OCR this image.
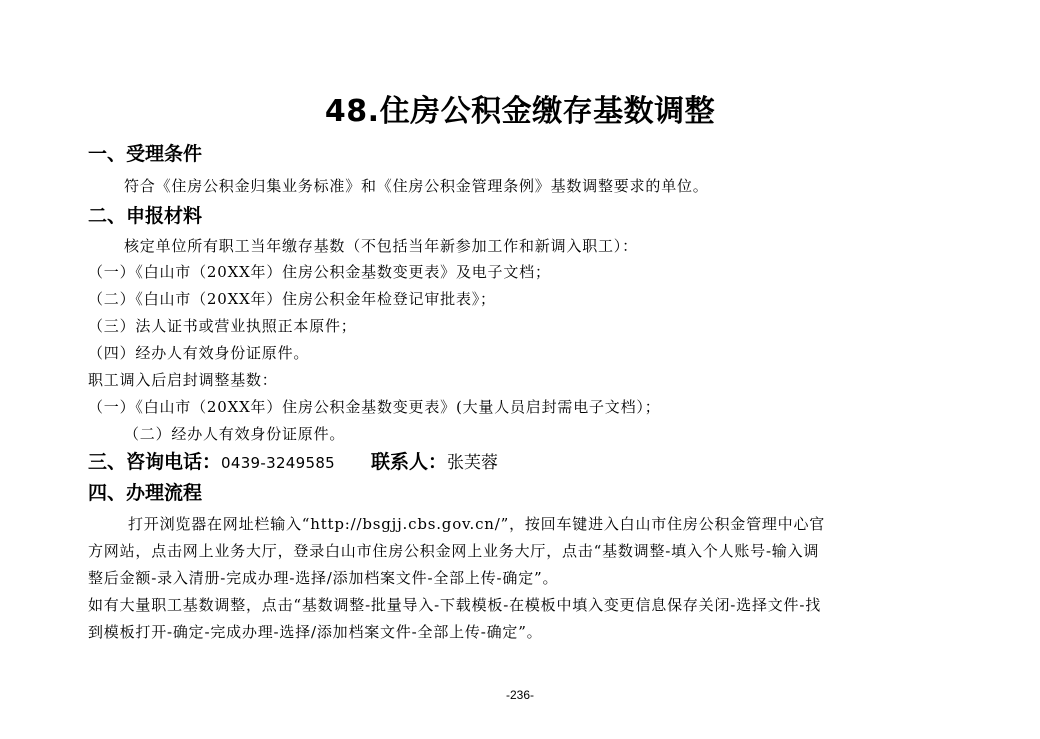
48.住房公积金缴存基数调整
一、受理条件
符合《住房公积金归集业务标准》和《住房公积金管理条例》基数调整要求的单位。
二、申报材料
核定单位所有职工当年缴存基数（不包括当年新参加工作和新调入职工）：
（一）《白山市（20XX年）住房公积金基数变更表》及电子文档；
（二）《白山市（20XX年）住房公积金年检登记审批表》；
（三）法人证书或营业执照正本原件；
（四）经办人有效身份证原件。
职工调入后启封调整基数：
（一）《白山市（20XX年）住房公积金基数变更表》(大量人员启封需电子文档）；
（二）经办人有效身份证原件。
三、咨询电话：0439-3249585 联系人：张芙蓉
四、办理流程
打开浏览器在网址栏输入“http://bsgjj.cbs.gov.cn/”，按回车键进入白山市住房公积金管理中心官
方网站，点击网上业务大厅，登录白山市住房公积金网上业务大厅，点击“基数调整-填入个人账号-输入调
整后金额-录入清册-完成办理-选择/添加档案文件-全部上传-确定”。
如有大量职工基数调整，点击“基数调整-批量导入-下载模板-在模板中填入变更信息保存关闭-选择文件-找
到模板打开-确定-完成办理-选择/添加档案文件-全部上传-确定”。
-236-
